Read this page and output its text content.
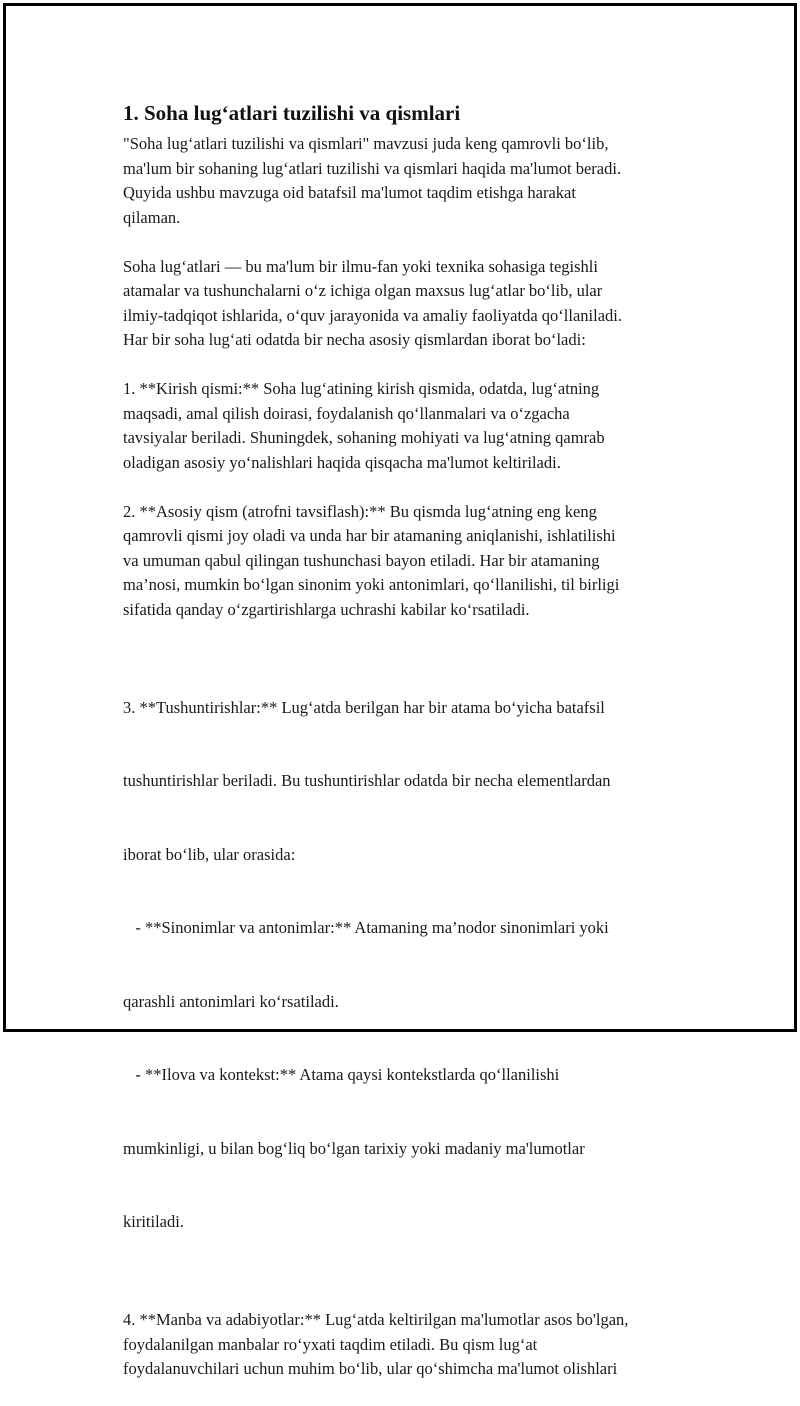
1. Soha lug‘atlari tuzilishi va qismlari
"Soha lug‘atlari tuzilishi va qismlari" mavzusi juda keng qamrovli bo‘lib,
ma'lum bir sohaning lug‘atlari tuzilishi va qismlari haqida ma'lumot beradi.
Quyida ushbu mavzuga oid batafsil ma'lumot taqdim etishga harakat
qilaman.
Soha lug‘atlari — bu ma'lum bir ilmu-fan yoki texnika sohasiga tegishli
atamalar va tushunchalarni o‘z ichiga olgan maxsus lug‘atlar bo‘lib, ular
ilmiy-tadqiqot ishlarida, o‘quv jarayonida va amaliy faoliyatda qo‘llaniladi.
Har bir soha lug‘ati odatda bir necha asosiy qismlardan iborat bo‘ladi:
1. **Kirish qismi:** Soha lug‘atining kirish qismida, odatda, lug‘atning
maqsadi, amal qilish doirasi, foydalanish qo‘llanmalari va o‘zgacha
tavsiyalar beriladi. Shuningdek, sohaning mohiyati va lug‘atning qamrab
oladigan asosiy yo‘nalishlari haqida qisqacha ma'lumot keltiriladi.
2. **Asosiy qism (atrofni tavsiflash):** Bu qismda lug‘atning eng keng
qamrovli qismi joy oladi va unda har bir atamaning aniqlanishi, ishlatilishi
va umuman qabul qilingan tushunchasi bayon etiladi. Har bir atamaning
ma’nosi, mumkin bo‘lgan sinonim yoki antonimlari, qo‘llanilishi, til birligi
sifatida qanday o‘zgartirishlarga uchrashi kabilar ko‘rsatiladi.

3. **Tushuntirishlar:** Lug‘atda berilgan har bir atama bo‘yicha batafsil

tushuntirishlar beriladi. Bu tushuntirishlar odatda bir necha elementlardan

iborat bo‘lib, ular orasida:

- **Sinonimlar va antonimlar:** Atamaning ma’nodor sinonimlari yoki

qarashli antonimlari ko‘rsatiladi.

- **Ilova va kontekst:** Atama qaysi kontekstlarda qo‘llanilishi

mumkinligi, u bilan bog‘liq bo‘lgan tarixiy yoki madaniy ma'lumotlar

kiritiladi.

4. **Manba va adabiyotlar:** Lug‘atda keltirilgan ma'lumotlar asos bo'lgan,
foydalanilgan manbalar ro‘yxati taqdim etiladi. Bu qism lug‘at
foydalanuvchilari uchun muhim bo‘lib, ular qo‘shimcha ma'lumot olishlari
